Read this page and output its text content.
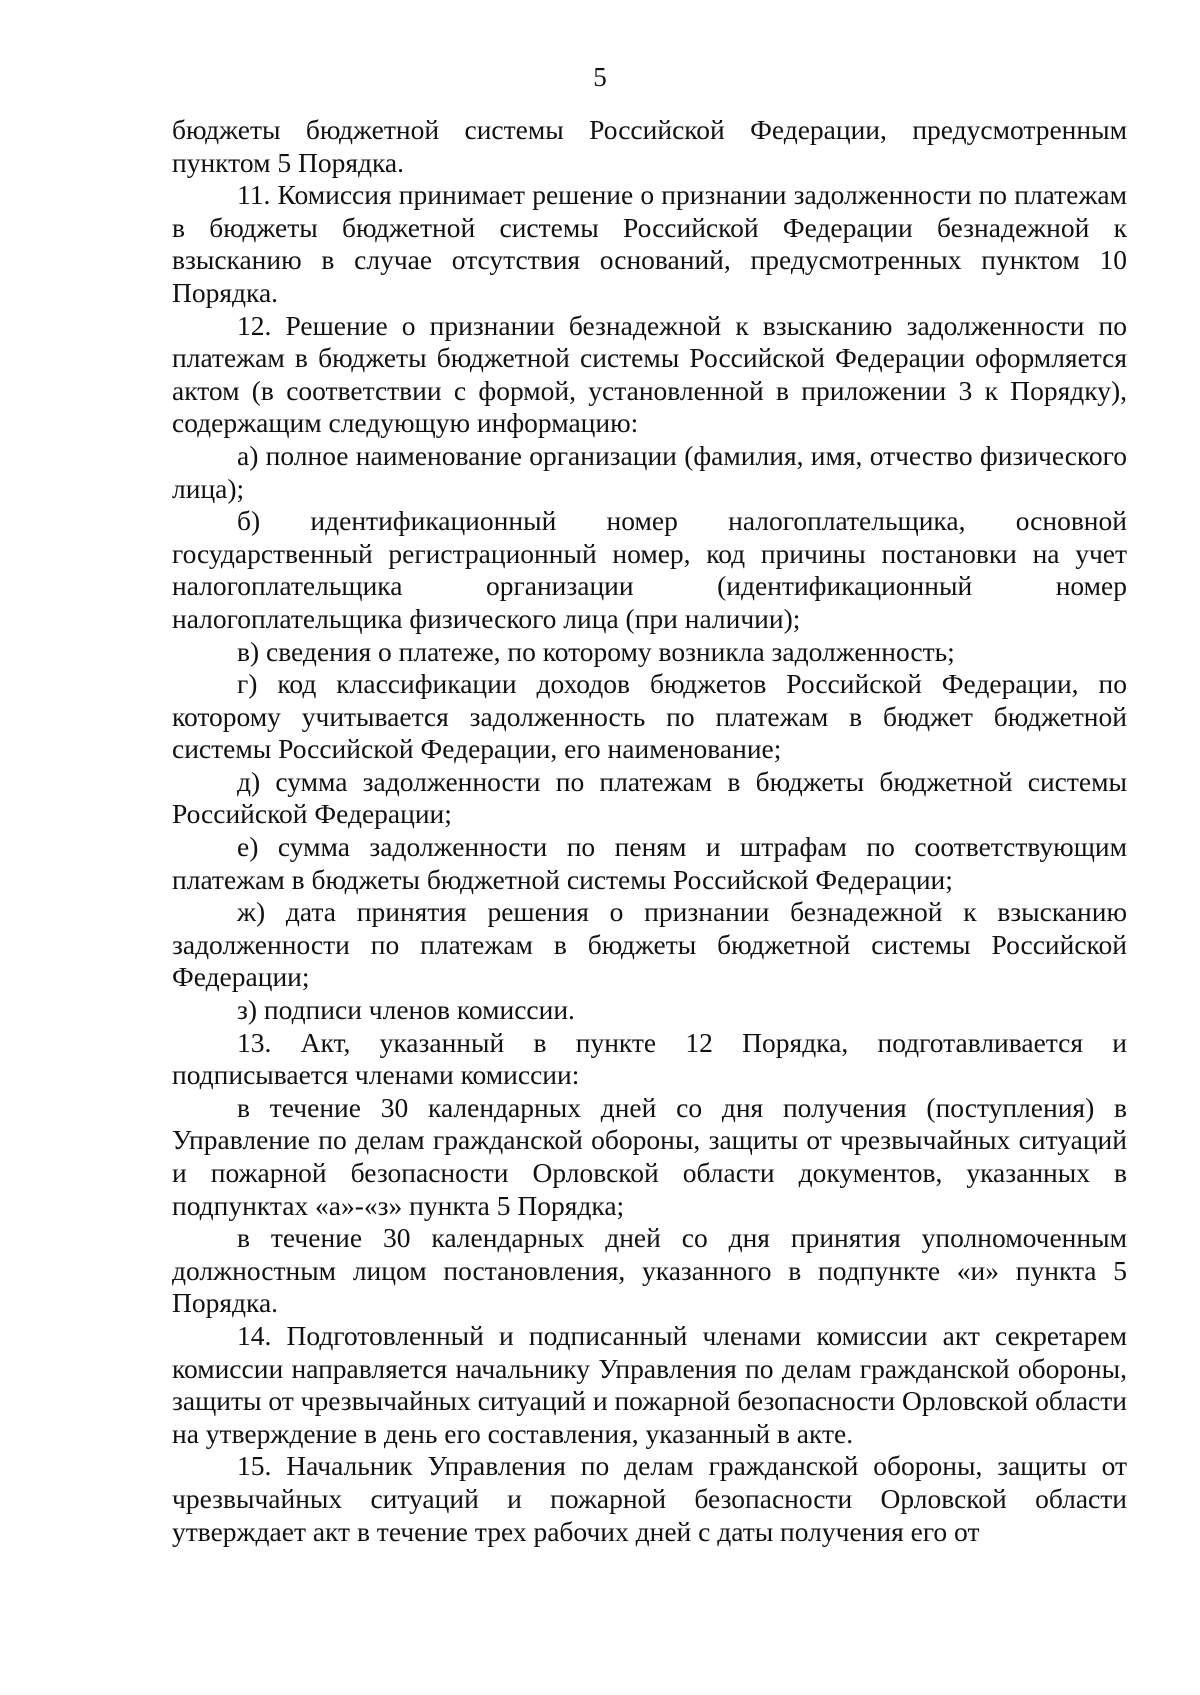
5

бюджеты бюджетной системы Российской Федерации, предусмотренным пунктом 5 Порядка.

11. Комиссия принимает решение о признании задолженности по платежам в бюджеты бюджетной системы Российской Федерации безнадежной к взысканию в случае отсутствия оснований, предусмотренных пунктом 10 Порядка.

12. Решение о признании безнадежной к взысканию задолженности по платежам в бюджеты бюджетной системы Российской Федерации оформляется актом (в соответствии с формой, установленной в приложении 3 к Порядку), содержащим следующую информацию:

а) полное наименование организации (фамилия, имя, отчество физического лица);

б) идентификационный номер налогоплательщика, основной государственный регистрационный номер, код причины постановки на учет налогоплательщика организации (идентификационный номер налогоплательщика физического лица (при наличии);

в) сведения о платеже, по которому возникла задолженность;

г) код классификации доходов бюджетов Российской Федерации, по которому учитывается задолженность по платежам в бюджет бюджетной системы Российской Федерации, его наименование;

д) сумма задолженности по платежам в бюджеты бюджетной системы Российской Федерации;

е) сумма задолженности по пеням и штрафам по соответствующим платежам в бюджеты бюджетной системы Российской Федерации;

ж) дата принятия решения о признании безнадежной к взысканию задолженности по платежам в бюджеты бюджетной системы Российской Федерации;

з) подписи членов комиссии.

13. Акт, указанный в пункте 12 Порядка, подготавливается и подписывается членами комиссии:

в течение 30 календарных дней со дня получения (поступления) в Управление по делам гражданской обороны, защиты от чрезвычайных ситуаций и пожарной безопасности Орловской области документов, указанных в подпунктах «а»-«з» пункта 5 Порядка;

в течение 30 календарных дней со дня принятия уполномоченным должностным лицом постановления, указанного в подпункте «и» пункта 5 Порядка.

14. Подготовленный и подписанный членами комиссии акт секретарем комиссии направляется начальнику Управления по делам гражданской обороны, защиты от чрезвычайных ситуаций и пожарной безопасности Орловской области на утверждение в день его составления, указанный в акте.

15. Начальник Управления по делам гражданской обороны, защиты от чрезвычайных ситуаций и пожарной безопасности Орловской области утверждает акт в течение трех рабочих дней с даты получения его от
